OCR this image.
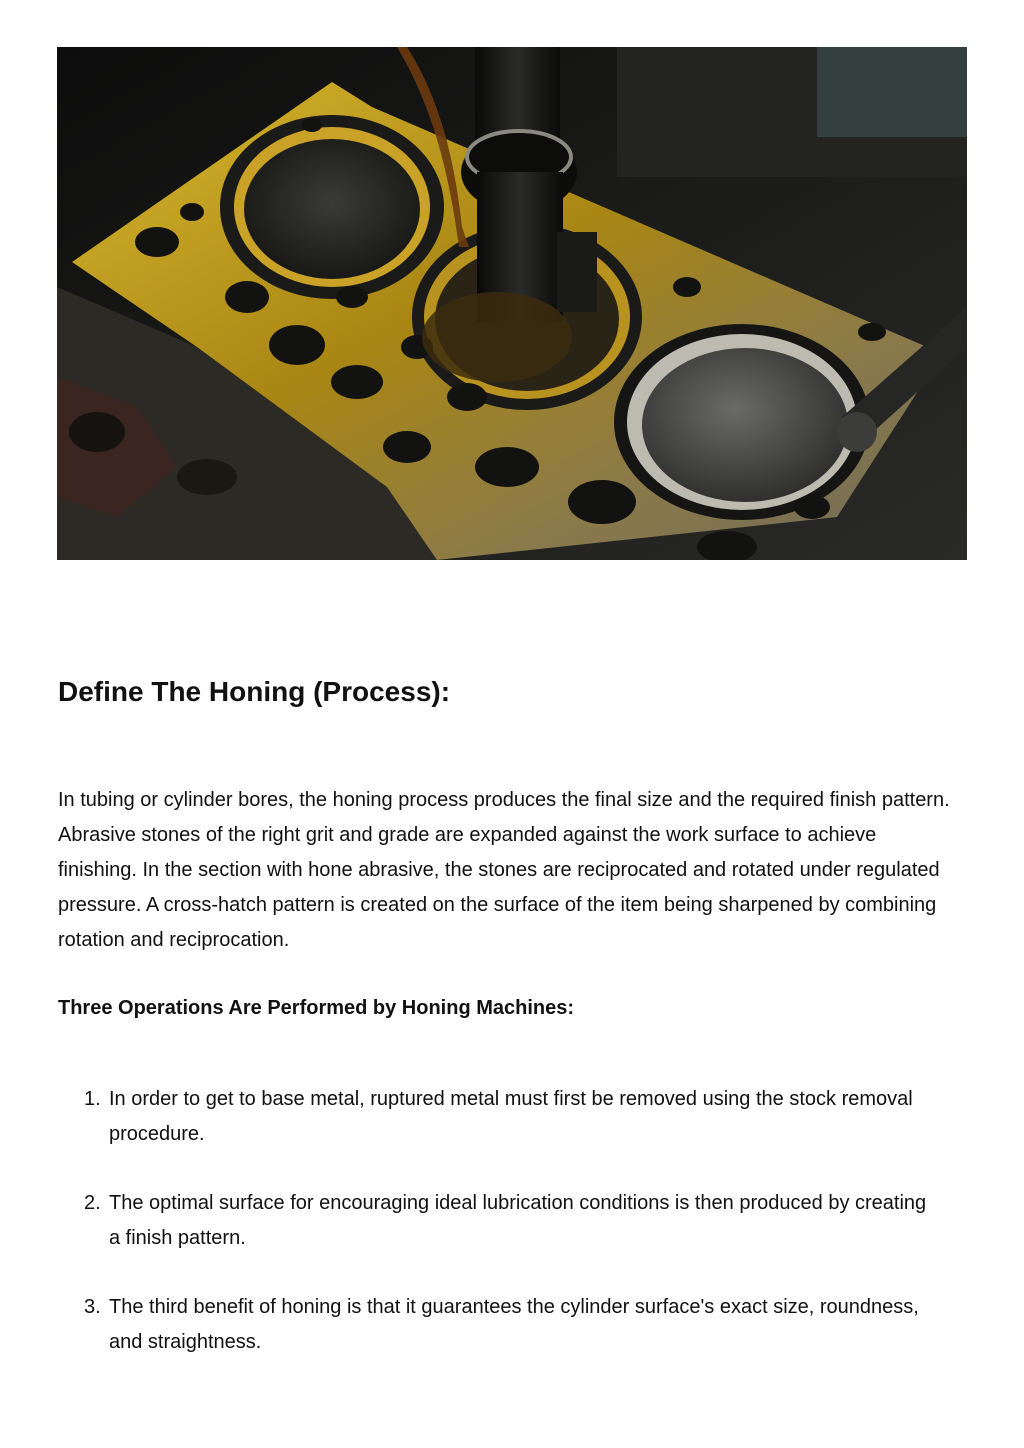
Define The Honing (Process):

In tubing or cylinder bores, the honing process produces the final size and the required finish pattern. Abrasive stones of the right grit and grade are expanded against the work surface to achieve finishing. In the section with hone abrasive, the stones are reciprocated and rotated under regulated pressure. A cross-hatch pattern is created on the surface of the item being sharpened by combining rotation and reciprocation.

Three Operations Are Performed by Honing Machines:

1. In order to get to base metal, ruptured metal must first be removed using the stock removal procedure.
2. The optimal surface for encouraging ideal lubrication conditions is then produced by creating a finish pattern.
3. The third benefit of honing is that it guarantees the cylinder surface's exact size, roundness, and straightness.
